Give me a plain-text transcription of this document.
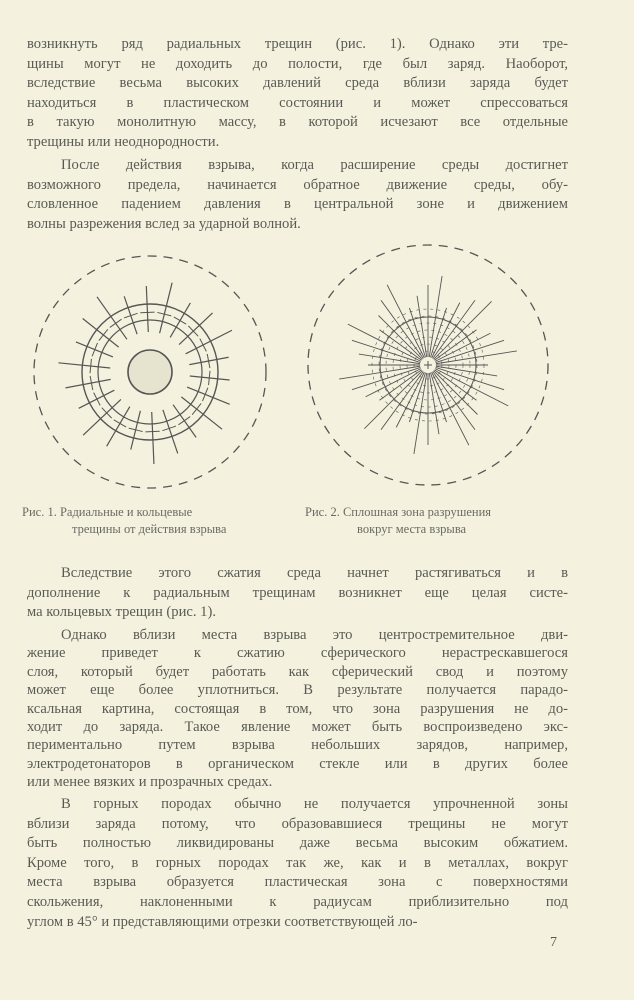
возникнуть ряд радиальных трещин (рис. 1). Однако эти тре-
щины могут не доходить до полости, где был заряд. Наоборот,
вследствие весьма высоких давлений среда вблизи заряда будет
находиться в пластическом состоянии и может спрессоваться
в такую монолитную массу, в которой исчезают все отдельные
трещины или неоднородности.
После действия взрыва, когда расширение среды достигнет
возможного предела, начинается обратное движение среды, обу-
словленное падением давления в центральной зоне и движением
волны разрежения вслед за ударной волной.
Рис. 1. Радиальные и кольцевые
трещины от действия взрыва
Рис. 2. Сплошная зона разрушения
вокруг места взрыва
Вследствие этого сжатия среда начнет растягиваться и в
дополнение к радиальным трещинам возникнет еще целая систе-
ма кольцевых трещин (рис. 1).
Однако вблизи места взрыва это центростремительное дви-
жение приведет к сжатию сферического нерастрескавшегося
слоя, который будет работать как сферический свод и поэтому
может еще более уплотниться. В результате получается парадо-
ксальная картина, состоящая в том, что зона разрушения не до-
ходит до заряда. Такое явление может быть воспроизведено экс-
периментально путем взрыва небольших зарядов, например,
электродетонаторов в органическом стекле или в других более
или менее вязких и прозрачных средах.
В горных породах обычно не получается упрочненной зоны
вблизи заряда потому, что образовавшиеся трещины не могут
быть полностью ликвидированы даже весьма высоким обжатием.
Кроме того, в горных породах так же, как и в металлах, вокруг
места взрыва образуется пластическая зона с поверхностями
скольжения, наклоненными к радиусам приблизительно под
углом в 45° и представляющими отрезки соответствующей ло-
7
